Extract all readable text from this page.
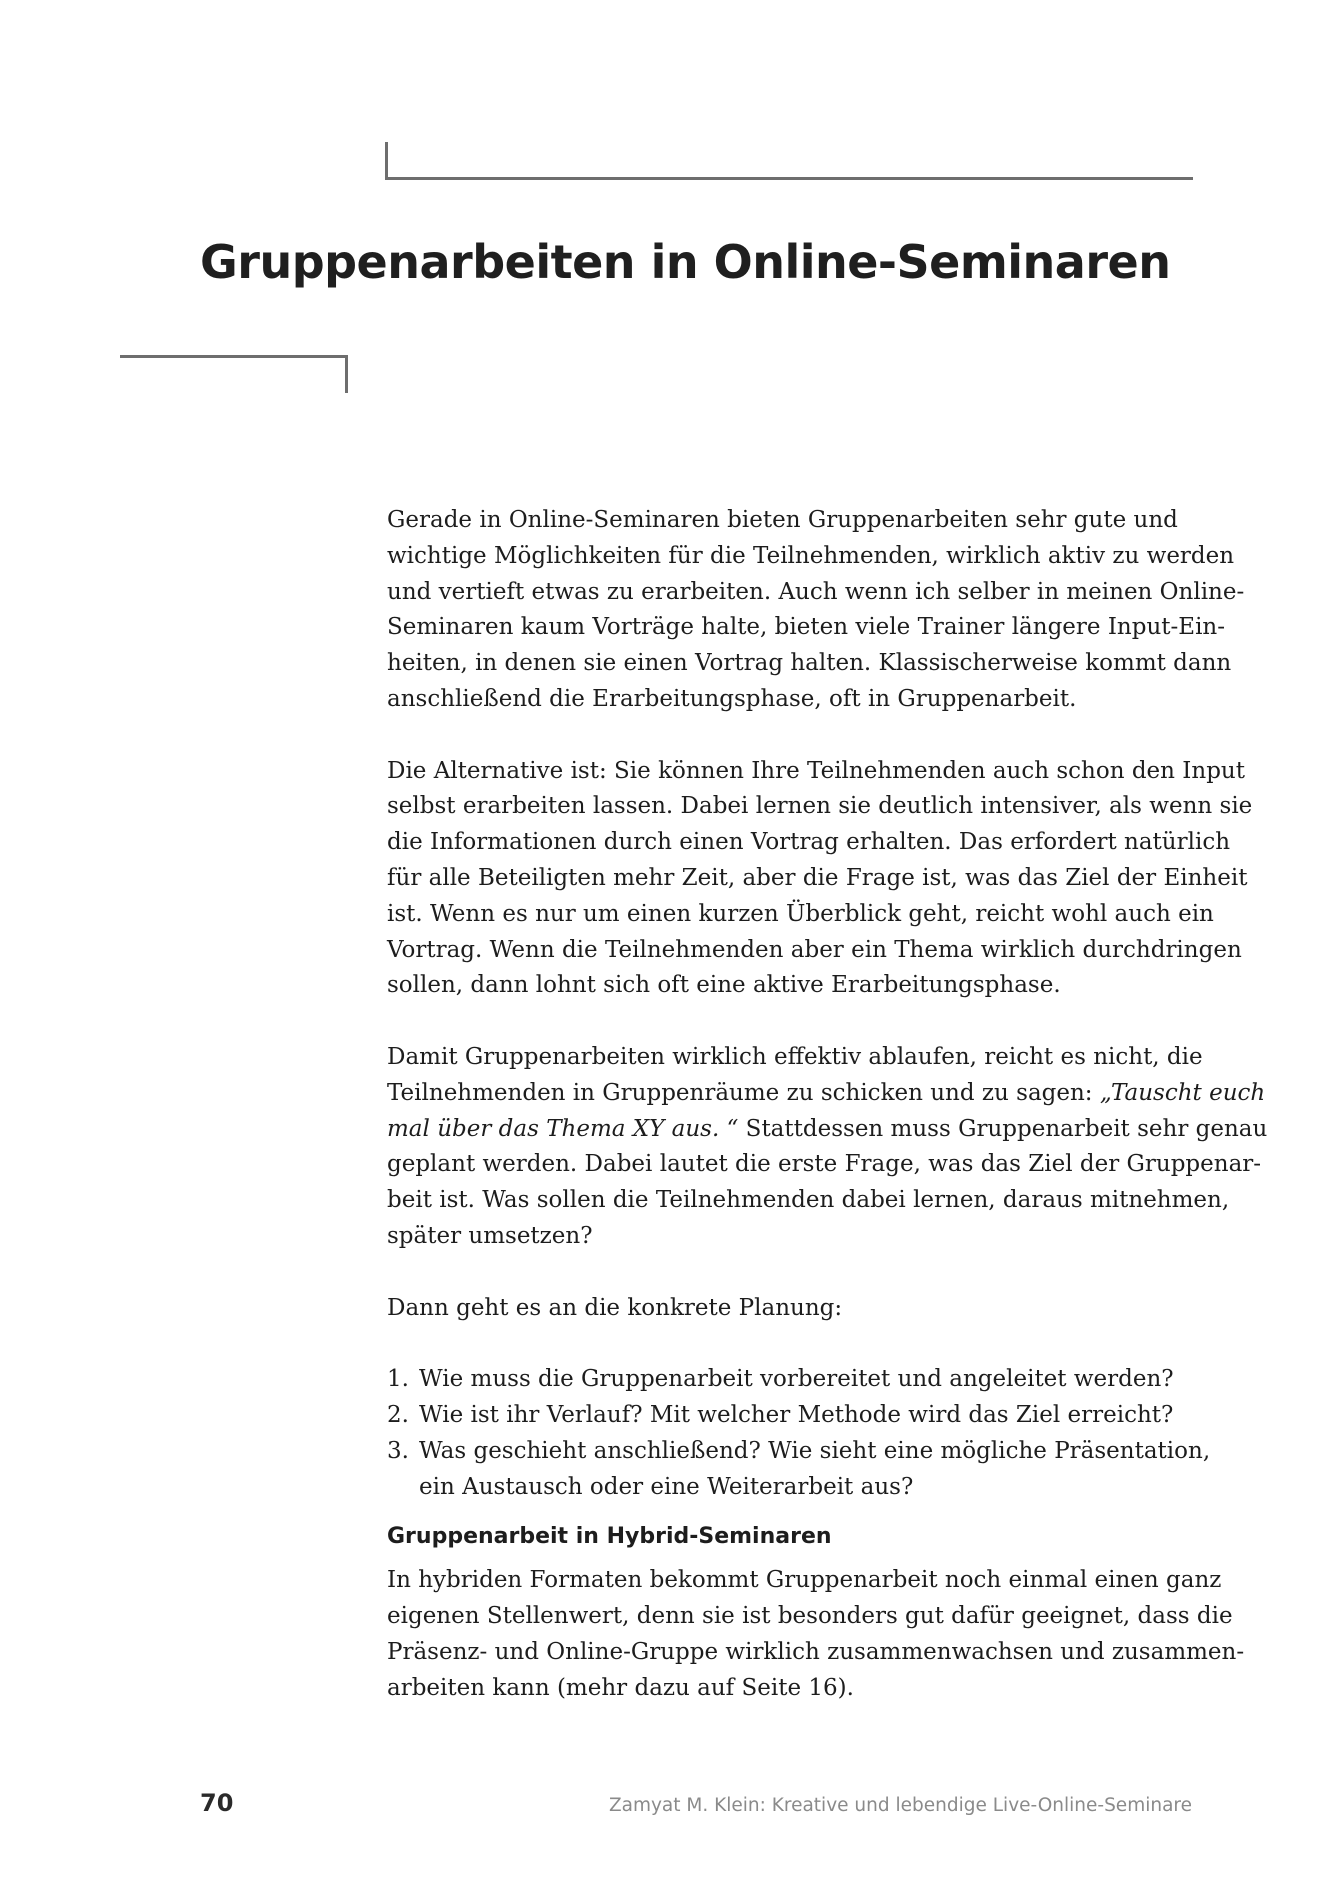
Gruppenarbeiten in Online-Seminaren

Gerade in Online-Seminaren bieten Gruppenarbeiten sehr gute und
wichtige Möglichkeiten für die Teilnehmenden, wirklich aktiv zu werden
und vertieft etwas zu erarbeiten. Auch wenn ich selber in meinen Online-
Seminaren kaum Vorträge halte, bieten viele Trainer längere Input-Ein-
heiten, in denen sie einen Vortrag halten. Klassischerweise kommt dann
anschließend die Erarbeitungsphase, oft in Gruppenarbeit.

Die Alternative ist: Sie können Ihre Teilnehmenden auch schon den Input
selbst erarbeiten lassen. Dabei lernen sie deutlich intensiver, als wenn sie
die Informationen durch einen Vortrag erhalten. Das erfordert natürlich
für alle Beteiligten mehr Zeit, aber die Frage ist, was das Ziel der Einheit
ist. Wenn es nur um einen kurzen Überblick geht, reicht wohl auch ein
Vortrag. Wenn die Teilnehmenden aber ein Thema wirklich durchdringen
sollen, dann lohnt sich oft eine aktive Erarbeitungsphase.

Damit Gruppenarbeiten wirklich effektiv ablaufen, reicht es nicht, die
Teilnehmenden in Gruppenräume zu schicken und zu sagen: „Tauscht euch
mal über das Thema XY aus. “ Stattdessen muss Gruppenarbeit sehr genau
geplant werden. Dabei lautet die erste Frage, was das Ziel der Gruppenar-
beit ist. Was sollen die Teilnehmenden dabei lernen, daraus mitnehmen,
später umsetzen?

Dann geht es an die konkrete Planung:

1. Wie muss die Gruppenarbeit vorbereitet und angeleitet werden?
2. Wie ist ihr Verlauf? Mit welcher Methode wird das Ziel erreicht?
3. Was geschieht anschließend? Wie sieht eine mögliche Präsentation,
ein Austausch oder eine Weiterarbeit aus?
Gruppenarbeit in Hybrid-Seminaren

In hybriden Formaten bekommt Gruppenarbeit noch einmal einen ganz
eigenen Stellenwert, denn sie ist besonders gut dafür geeignet, dass die
Präsenz- und Online-Gruppe wirklich zusammenwachsen und zusammen-
arbeiten kann (mehr dazu auf Seite 16).

70	Zamyat M. Klein: Kreative und lebendige Live-Online-Seminare
